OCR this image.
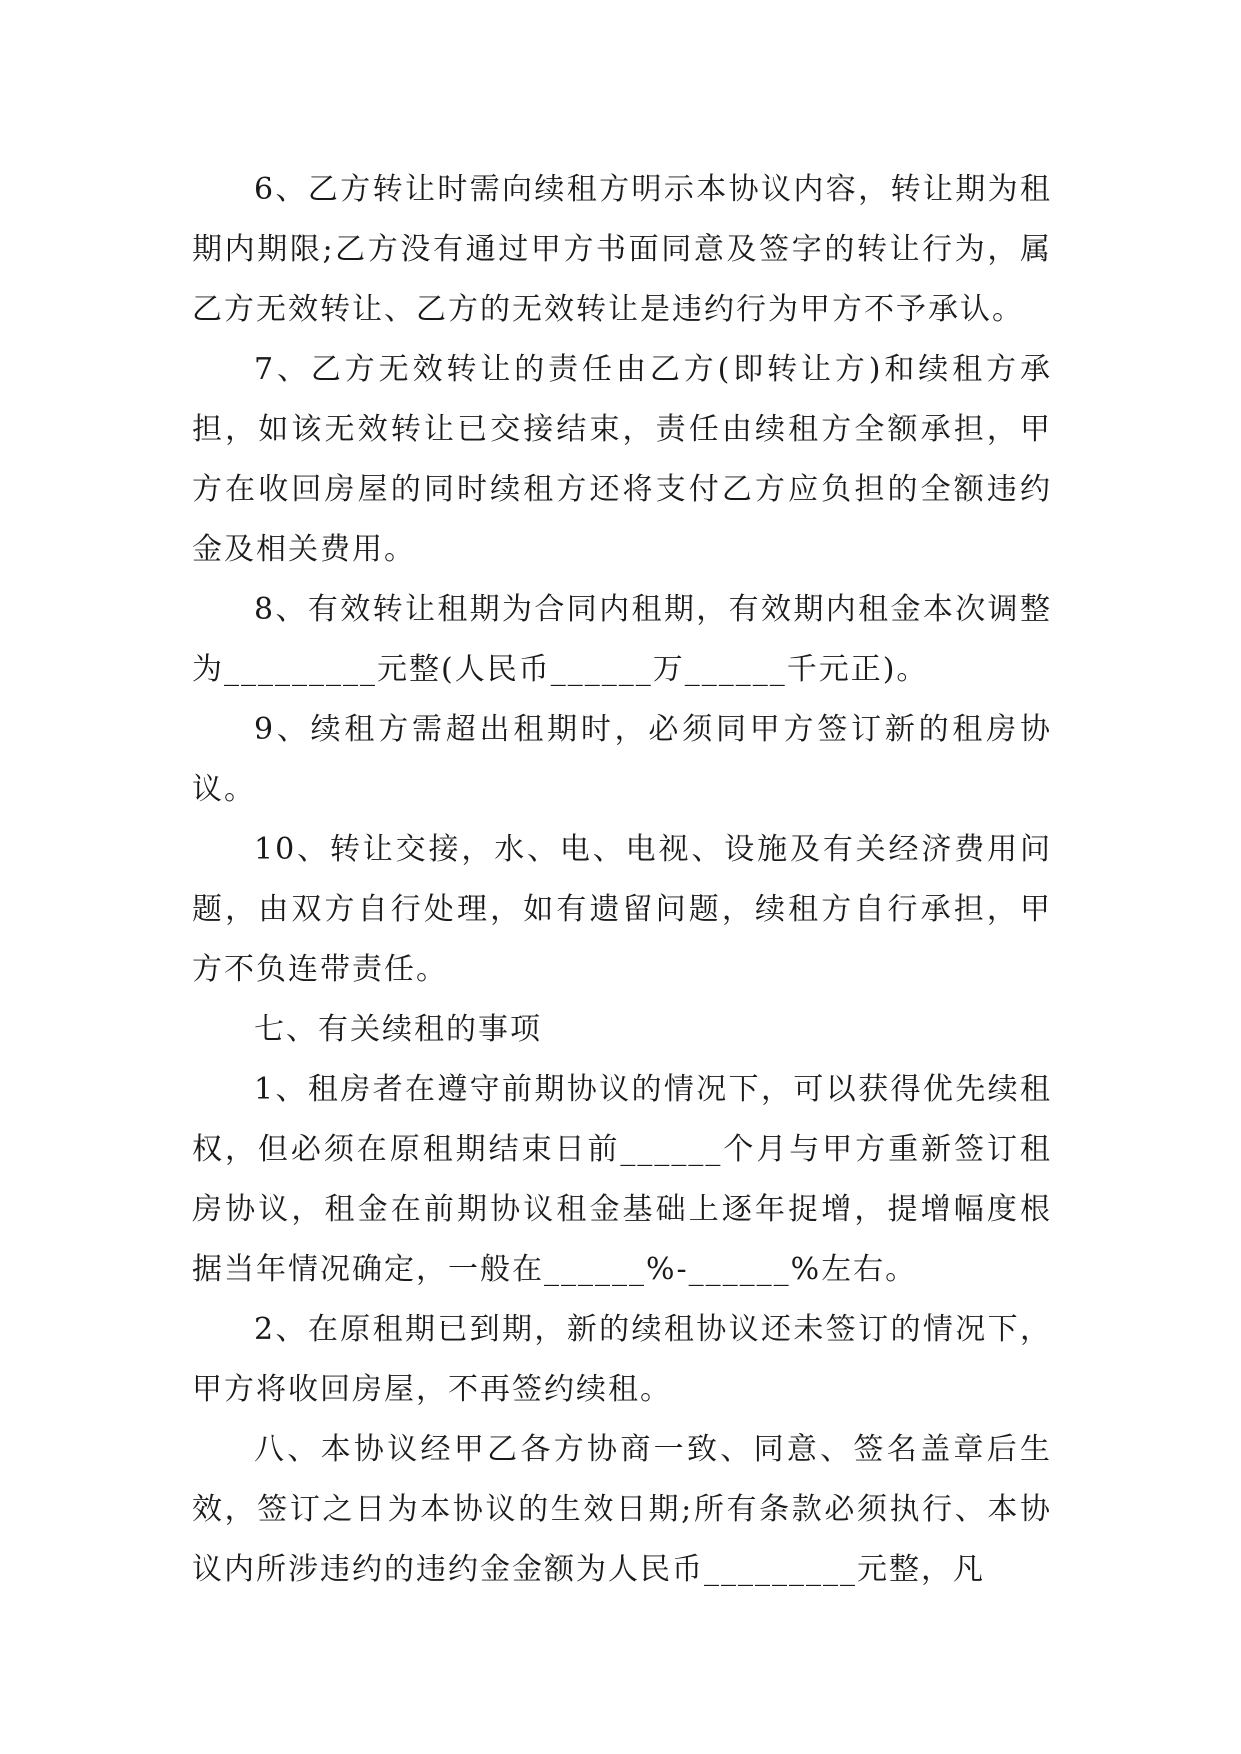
6、乙方转让时需向续租方明示本协议内容，转让期为租期内期限;乙方没有通过甲方书面同意及签字的转让行为，属乙方无效转让、乙方的无效转让是违约行为甲方不予承认。

7、乙方无效转让的责任由乙方(即转让方)和续租方承担，如该无效转让已交接结束，责任由续租方全额承担，甲方在收回房屋的同时续租方还将支付乙方应负担的全额违约金及相关费用。

8、有效转让租期为合同内租期，有效期内租金本次调整为_________元整(人民币______万______千元正)。

9、续租方需超出租期时，必须同甲方签订新的租房协议。

10、转让交接，水、电、电视、设施及有关经济费用问题，由双方自行处理，如有遗留问题，续租方自行承担，甲方不负连带责任。

七、有关续租的事项

1、租房者在遵守前期协议的情况下，可以获得优先续租权，但必须在原租期结束日前______个月与甲方重新签订租房协议，租金在前期协议租金基础上逐年捉增，提增幅度根据当年情况确定，一般在______%-______%左右。

2、在原租期已到期，新的续租协议还未签订的情况下，甲方将收回房屋，不再签约续租。

八、本协议经甲乙各方协商一致、同意、签名盖章后生效，签订之日为本协议的生效日期;所有条款必须执行、本协议内所涉违约的违约金金额为人民币_________元整，凡
